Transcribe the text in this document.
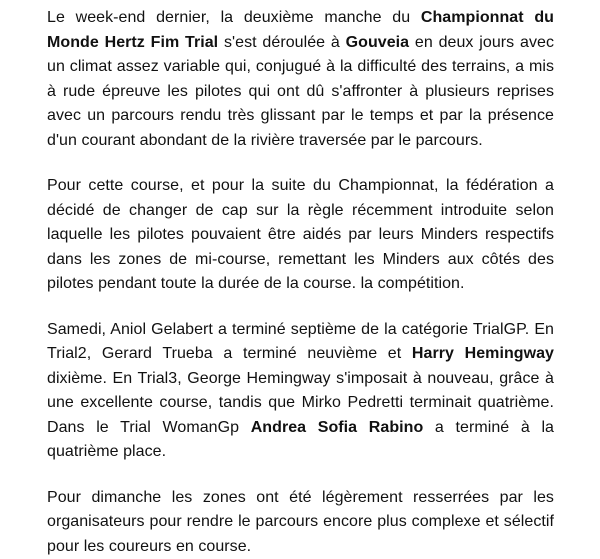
Le week-end dernier, la deuxième manche du Championnat du Monde Hertz Fim Trial s'est déroulée à Gouveia en deux jours avec un climat assez variable qui, conjugué à la difficulté des terrains, a mis à rude épreuve les pilotes qui ont dû s'affronter à plusieurs reprises avec un parcours rendu très glissant par le temps et par la présence d'un courant abondant de la rivière traversée par le parcours.

Pour cette course, et pour la suite du Championnat, la fédération a décidé de changer de cap sur la règle récemment introduite selon laquelle les pilotes pouvaient être aidés par leurs Minders respectifs dans les zones de mi-course, remettant les Minders aux côtés des pilotes pendant toute la durée de la course. la compétition.

Samedi, Aniol Gelabert a terminé septième de la catégorie TrialGP. En Trial2, Gerard Trueba a terminé neuvième et Harry Hemingway dixième. En Trial3, George Hemingway s'imposait à nouveau, grâce à une excellente course, tandis que Mirko Pedretti terminait quatrième. Dans le Trial WomanGp Andrea Sofia Rabino a terminé à la quatrième place.

Pour dimanche les zones ont été légèrement resserrées par les organisateurs pour rendre le parcours encore plus complexe et sélectif pour les coureurs en course.
